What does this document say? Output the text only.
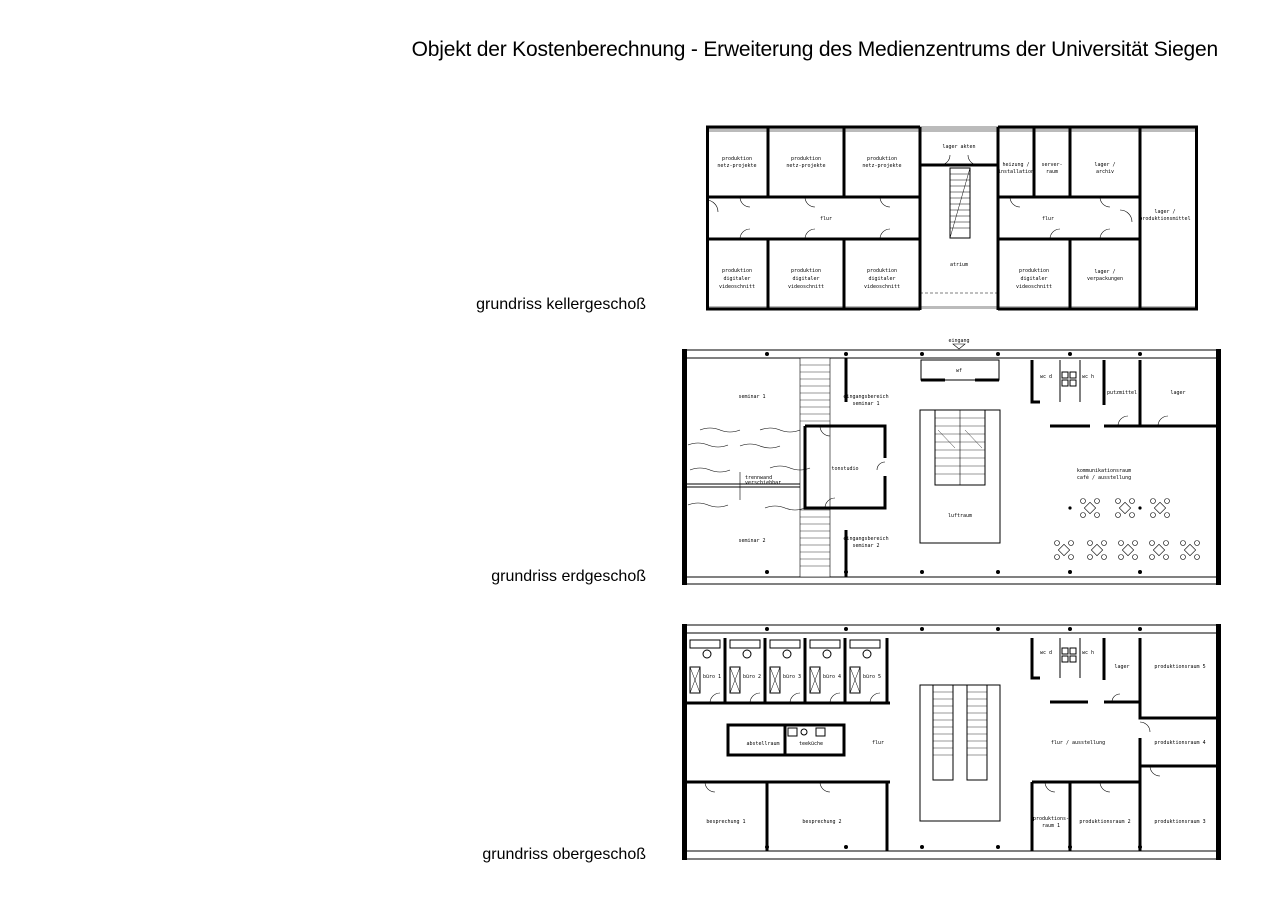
Objekt der Kostenberechnung - Erweiterung des Medienzentrums der Universität Siegen
grundriss kellergeschoß
grundriss erdgeschoß
grundriss obergeschoß
produktion netz-projekte
produktion netz-projekte
produktion netz-projekte
lager akten
heizung / installation
server-raum
lager / archiv
lager / produktionsmittel
flur	flur
atrium
produktion digitaler videoschnitt
produktion digitaler videoschnitt
produktion digitaler videoschnitt
produktion digitaler videoschnitt
lager / verpackungen
eingang
wf
tonstudio
trennwand verschiebbar
seminar 1
seminar 2
eingangsbereich seminar 1
eingangsbereich seminar 2
luftraum
wc d	wc h
putzmittel	lager
kommunikationsraum café / ausstellung
büro 1	büro 2	büro 3	büro 4	büro 5
abstellraum	teeküche	flur
besprechung 1	besprechung 2
wc d	wc h
lager	produktionsraum 5
produktionsraum 4
flur / ausstellung
produktions-raum 1
produktionsraum 2	produktionsraum 3
